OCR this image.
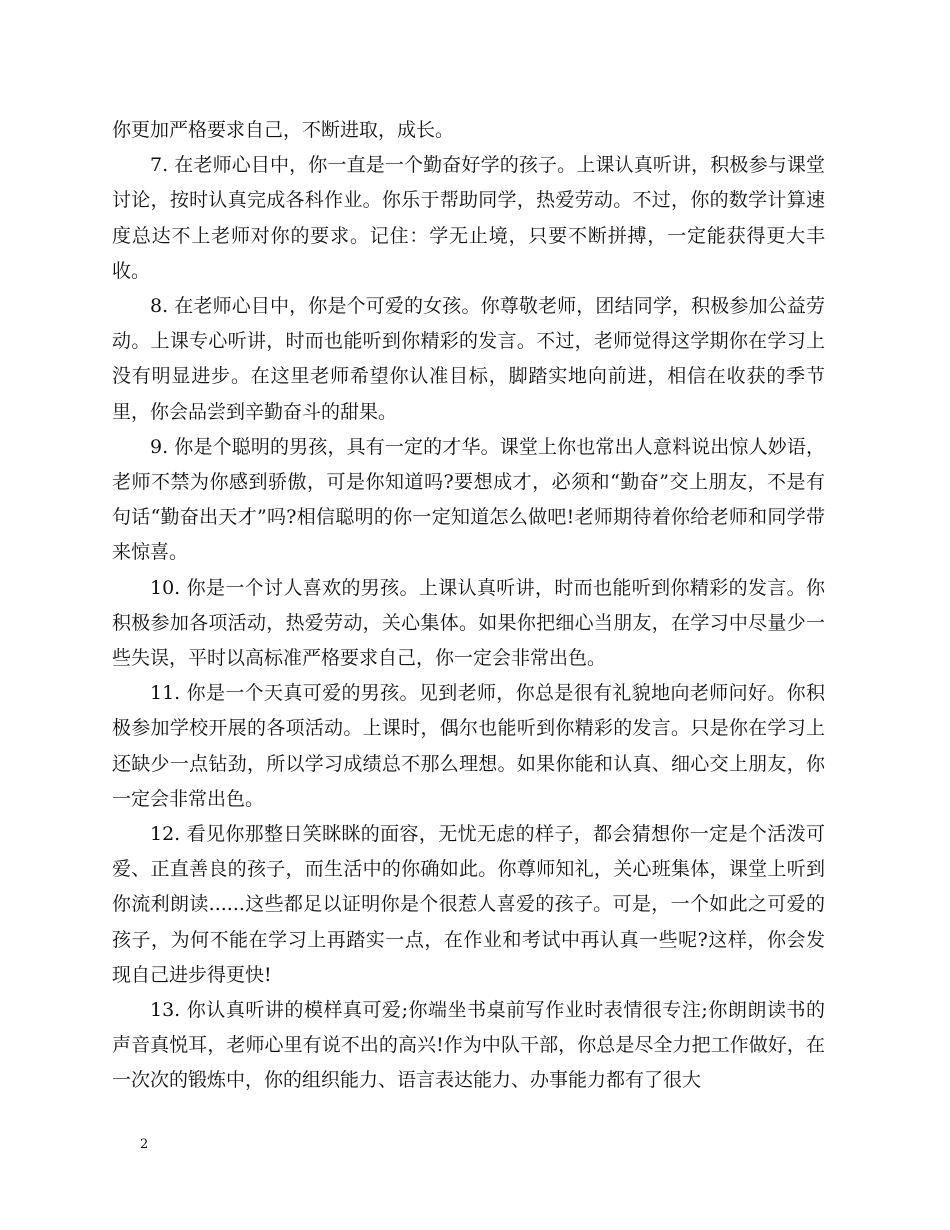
你更加严格要求自己，不断进取，成长。

7. 在老师心目中，你一直是一个勤奋好学的孩子。上课认真听讲，积极参与课堂讨论，按时认真完成各科作业。你乐于帮助同学，热爱劳动。不过，你的数学计算速度总达不上老师对你的要求。记住：学无止境，只要不断拼搏，一定能获得更大丰收。

8. 在老师心目中，你是个可爱的女孩。你尊敬老师，团结同学，积极参加公益劳动。上课专心听讲，时而也能听到你精彩的发言。不过，老师觉得这学期你在学习上没有明显进步。在这里老师希望你认准目标，脚踏实地向前进，相信在收获的季节里，你会品尝到辛勤奋斗的甜果。

9. 你是个聪明的男孩，具有一定的才华。课堂上你也常出人意料说出惊人妙语，老师不禁为你感到骄傲，可是你知道吗?要想成才，必须和“勤奋”交上朋友，不是有句话“勤奋出天才”吗?相信聪明的你一定知道怎么做吧!老师期待着你给老师和同学带来惊喜。

10. 你是一个讨人喜欢的男孩。上课认真听讲，时而也能听到你精彩的发言。你积极参加各项活动，热爱劳动，关心集体。如果你把细心当朋友，在学习中尽量少一些失误，平时以高标准严格要求自己，你一定会非常出色。

11. 你是一个天真可爱的男孩。见到老师，你总是很有礼貌地向老师问好。你积极参加学校开展的各项活动。上课时，偶尔也能听到你精彩的发言。只是你在学习上还缺少一点钻劲，所以学习成绩总不那么理想。如果你能和认真、细心交上朋友，你一定会非常出色。

12. 看见你那整日笑眯眯的面容，无忧无虑的样子，都会猜想你一定是个活泼可爱、正直善良的孩子，而生活中的你确如此。你尊师知礼，关心班集体，课堂上听到你流利朗读......这些都足以证明你是个很惹人喜爱的孩子。可是，一个如此之可爱的孩子，为何不能在学习上再踏实一点，在作业和考试中再认真一些呢?这样，你会发现自己进步得更快!

13. 你认真听讲的模样真可爱;你端坐书桌前写作业时表情很专注;你朗朗读书的声音真悦耳，老师心里有说不出的高兴!作为中队干部，你总是尽全力把工作做好，在一次次的锻炼中，你的组织能力、语言表达能力、办事能力都有了很大

2
